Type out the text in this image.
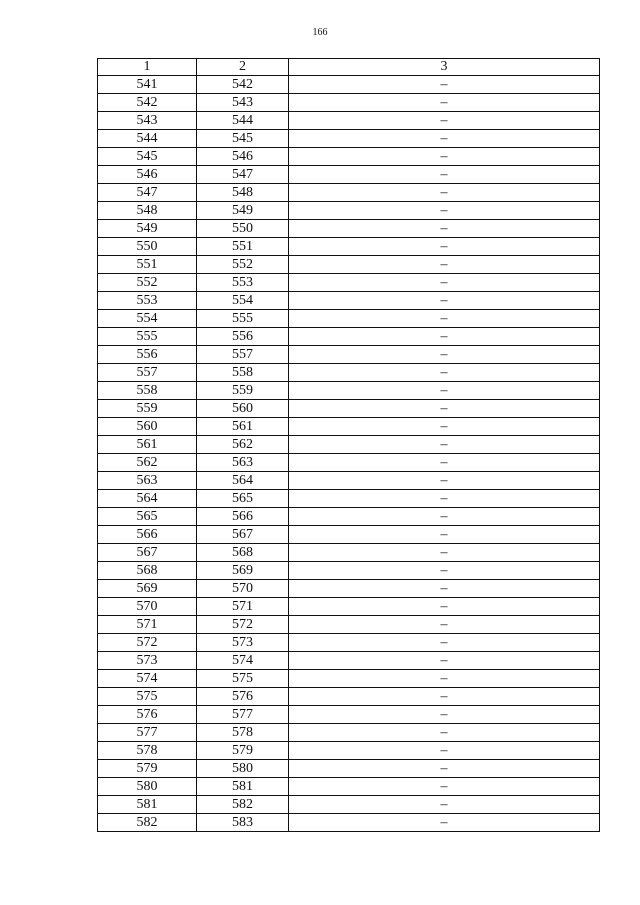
166
1	2	3
541	542	–
542	543	–
543	544	–
544	545	–
545	546	–
546	547	–
547	548	–
548	549	–
549	550	–
550	551	–
551	552	–
552	553	–
553	554	–
554	555	–
555	556	–
556	557	–
557	558	–
558	559	–
559	560	–
560	561	–
561	562	–
562	563	–
563	564	–
564	565	–
565	566	–
566	567	–
567	568	–
568	569	–
569	570	–
570	571	–
571	572	–
572	573	–
573	574	–
574	575	–
575	576	–
576	577	–
577	578	–
578	579	–
579	580	–
580	581	–
581	582	–
582	583	–
